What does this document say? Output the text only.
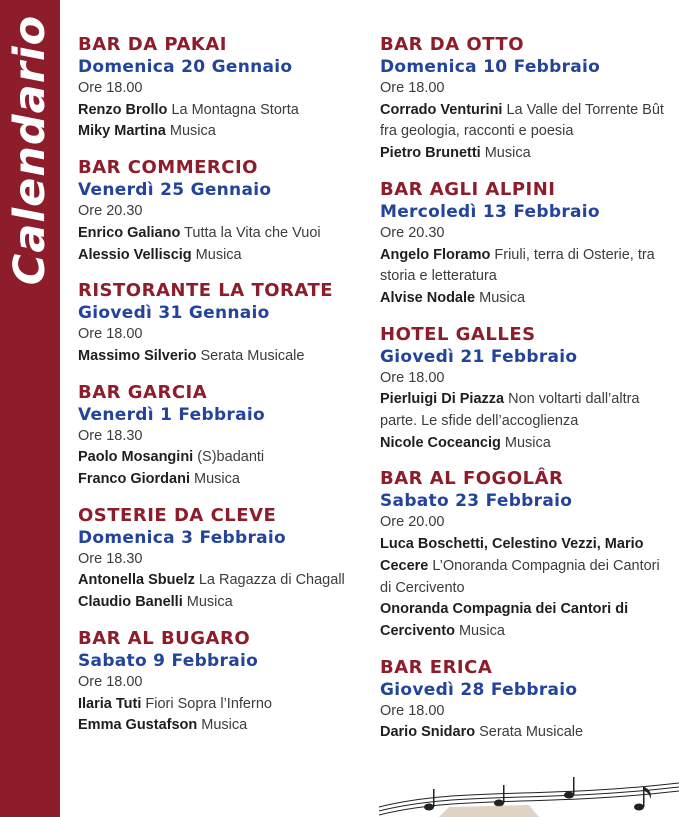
Calendario BAR DA PAKAI
Domenica 20 Gennaio
Ore 18.00
Renzo Brollo La Montagna Storta
Miky Martina Musica
BAR COMMERCIO
Venerdì 25 Gennaio
Ore 20.30
Enrico Galiano Tutta la Vita che Vuoi
Alessio Velliscig Musica
RISTORANTE LA TORATE
Giovedì 31 Gennaio
Ore 18.00
Massimo Silverio Serata Musicale
BAR GARCIA
Venerdì 1 Febbraio
Ore 18.30
Paolo Mosangini (S)badanti
Franco Giordani Musica
OSTERIE DA CLEVE
Domenica 3 Febbraio
Ore 18.30
Antonella Sbuelz La Ragazza di Chagall
Claudio Banelli Musica
BAR AL BUGARO
Sabato 9 Febbraio
Ore 18.00
Ilaria Tuti Fiori Sopra l’Inferno
Emma Gustafson Musica
BAR DA OTTO
Domenica 10 Febbraio
Ore 18.00
Corrado Venturini La Valle del Torrente Bût fra geologia, racconti e poesia
Pietro Brunetti Musica
BAR AGLI ALPINI
Mercoledì 13 Febbraio
Ore 20.30
Angelo Floramo Friuli, terra di Osterie, tra storia e letteratura
Alvise Nodale Musica
HOTEL GALLES
Giovedì 21 Febbraio
Ore 18.00
Pierluigi Di Piazza Non voltarti dall’altra parte. Le sfide dell’accoglienza
Nicole Coceancig Musica
BAR AL FOGOLÂR
Sabato 23 Febbraio
Ore 20.00
Luca Boschetti, Celestino Vezzi, Mario Cecere L’Onoranda Compagnia dei Cantori di Cercivento
Onoranda Compagnia dei Cantori di Cercivento Musica
BAR ERICA
Giovedì 28 Febbraio
Ore 18.00
Dario Snidaro Serata Musicale
